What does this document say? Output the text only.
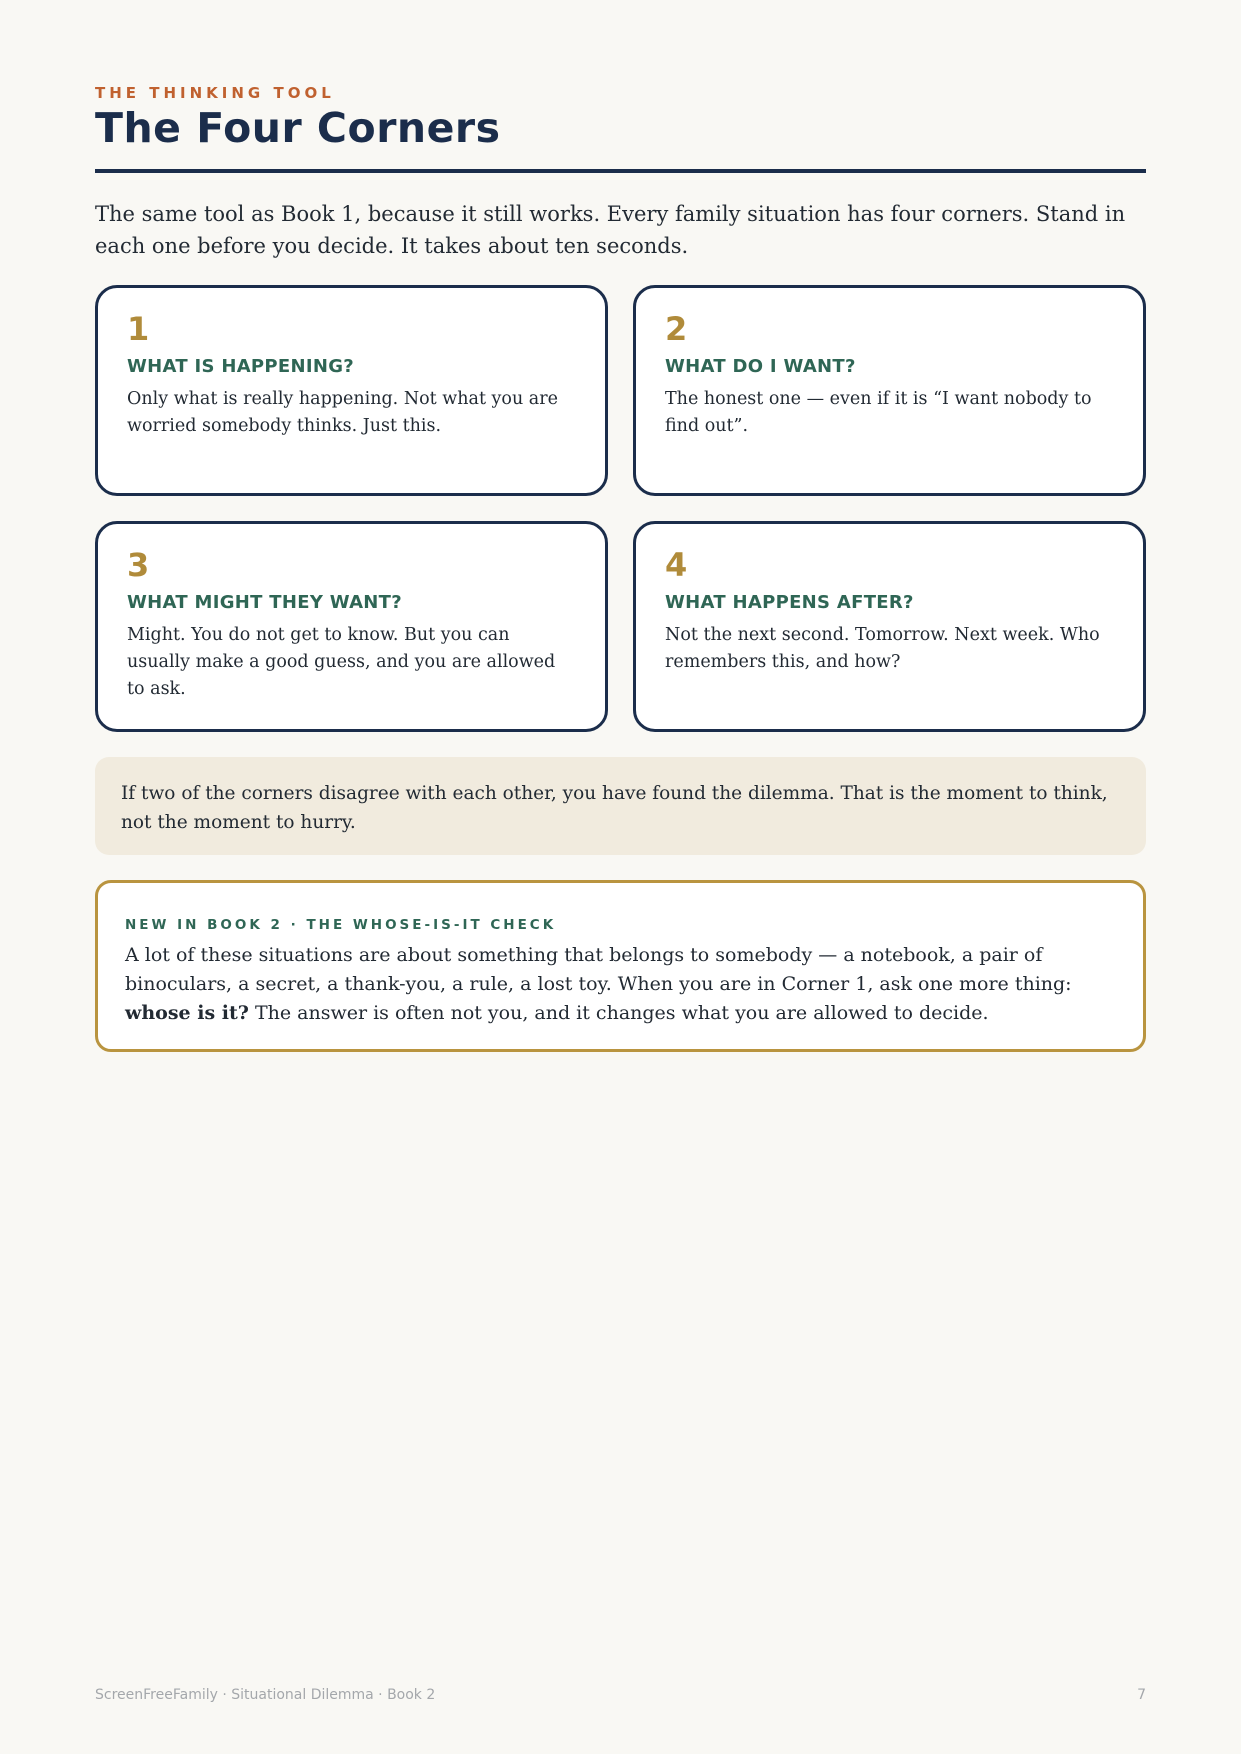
THE THINKING TOOL
The Four Corners
The same tool as Book 1, because it still works. Every family situation has four corners. Stand in each one before you decide. It takes about ten seconds.
1
WHAT IS HAPPENING?
Only what is really happening. Not what you are worried somebody thinks. Just this.
2
WHAT DO I WANT?
The honest one — even if it is “I want nobody to find out”.
3
WHAT MIGHT THEY WANT?
Might. You do not get to know. But you can usually make a good guess, and you are allowed to ask.
4
WHAT HAPPENS AFTER?
Not the next second. Tomorrow. Next week. Who remembers this, and how?
If two of the corners disagree with each other, you have found the dilemma. That is the moment to think, not the moment to hurry.
NEW IN BOOK 2 · THE WHOSE-IS-IT CHECK
A lot of these situations are about something that belongs to somebody — a notebook, a pair of binoculars, a secret, a thank-you, a rule, a lost toy. When you are in Corner 1, ask one more thing: whose is it? The answer is often not you, and it changes what you are allowed to decide.
ScreenFreeFamily · Situational Dilemma · Book 2	7
